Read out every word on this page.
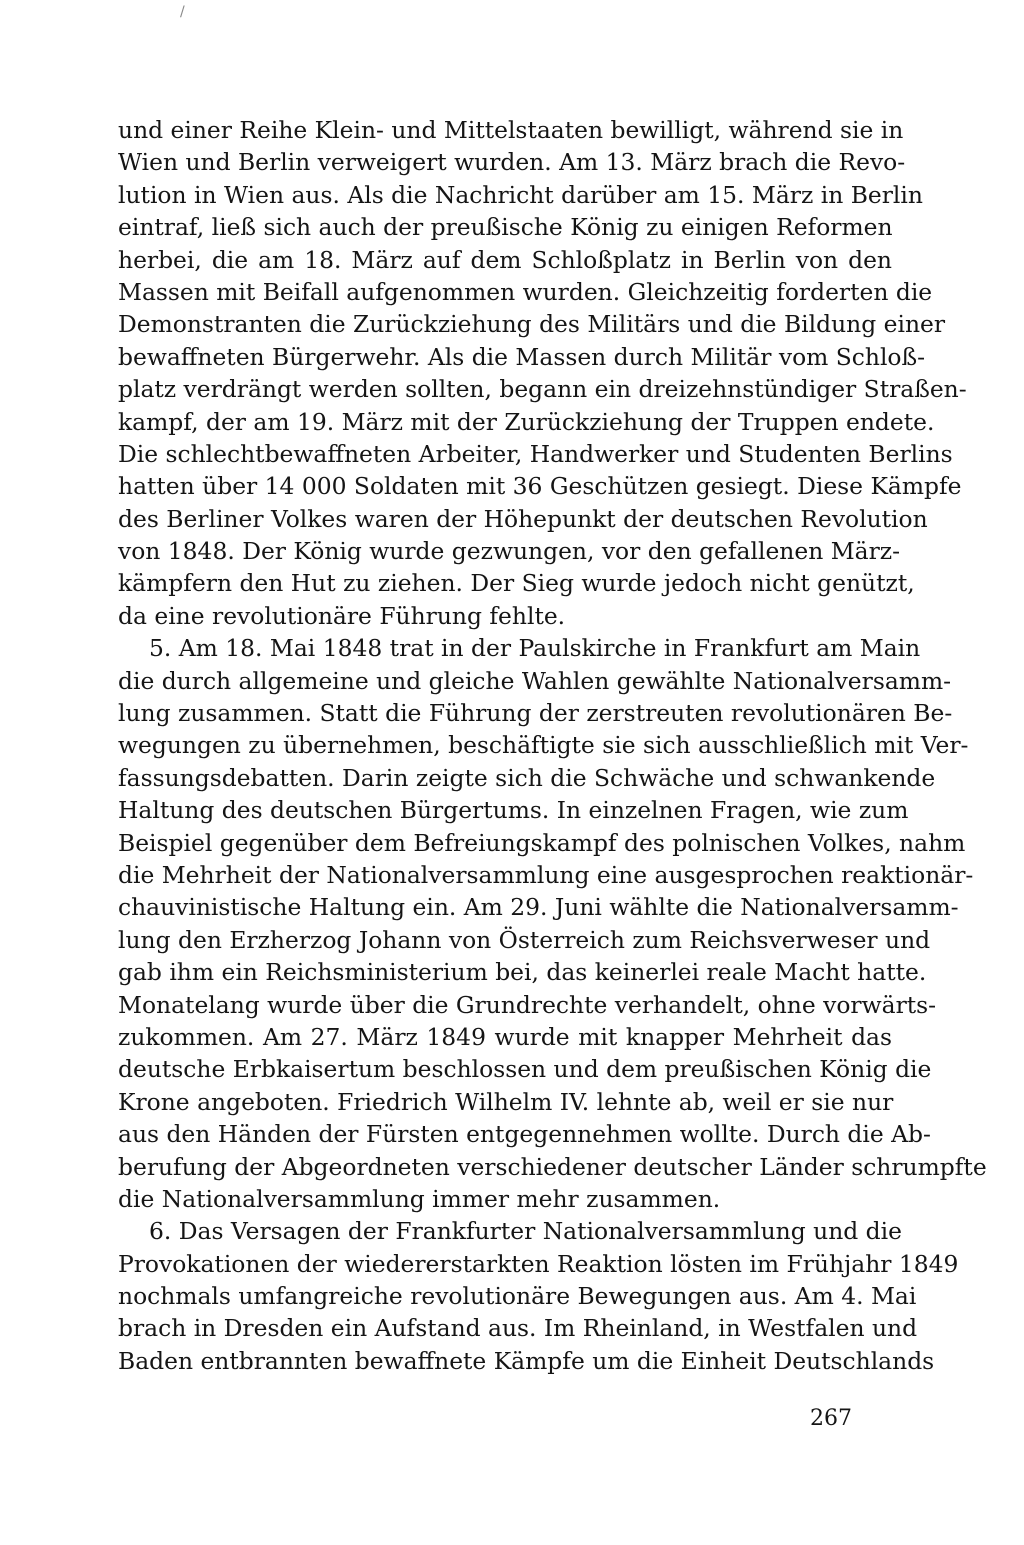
/
und einer Reihe Klein- und Mittelstaaten bewilligt, während sie in
Wien und Berlin verweigert wurden. Am 13. März brach die Revo-
lution in Wien aus. Als die Nachricht darüber am 15. März in Berlin
eintraf, ließ sich auch der preußische König zu einigen Reformen
herbei, die am 18. März auf dem Schloßplatz in Berlin von den
Massen mit Beifall aufgenommen wurden. Gleichzeitig forderten die
Demonstranten die Zurückziehung des Militärs und die Bildung einer
bewaffneten Bürgerwehr. Als die Massen durch Militär vom Schloß-
platz verdrängt werden sollten, begann ein dreizehnstündiger Straßen-
kampf, der am 19. März mit der Zurückziehung der Truppen endete.
Die schlechtbewaffneten Arbeiter, Handwerker und Studenten Berlins
hatten über 14 000 Soldaten mit 36 Geschützen gesiegt. Diese Kämpfe
des Berliner Volkes waren der Höhepunkt der deutschen Revolution
von 1848. Der König wurde gezwungen, vor den gefallenen März-
kämpfern den Hut zu ziehen. Der Sieg wurde jedoch nicht genützt,
da eine revolutionäre Führung fehlte.
5. Am 18. Mai 1848 trat in der Paulskirche in Frankfurt am Main
die durch allgemeine und gleiche Wahlen gewählte Nationalversamm-
lung zusammen. Statt die Führung der zerstreuten revolutionären Be-
wegungen zu übernehmen, beschäftigte sie sich ausschließlich mit Ver-
fassungsdebatten. Darin zeigte sich die Schwäche und schwankende
Haltung des deutschen Bürgertums. In einzelnen Fragen, wie zum
Beispiel gegenüber dem Befreiungskampf des polnischen Volkes, nahm
die Mehrheit der Nationalversammlung eine ausgesprochen reaktionär-
chauvinistische Haltung ein. Am 29. Juni wählte die Nationalversamm-
lung den Erzherzog Johann von Österreich zum Reichsverweser und
gab ihm ein Reichsministerium bei, das keinerlei reale Macht hatte.
Monatelang wurde über die Grundrechte verhandelt, ohne vorwärts-
zukommen. Am 27. März 1849 wurde mit knapper Mehrheit das
deutsche Erbkaisertum beschlossen und dem preußischen König die
Krone angeboten. Friedrich Wilhelm IV. lehnte ab, weil er sie nur
aus den Händen der Fürsten entgegennehmen wollte. Durch die Ab-
berufung der Abgeordneten verschiedener deutscher Länder schrumpfte
die Nationalversammlung immer mehr zusammen.
6. Das Versagen der Frankfurter Nationalversammlung und die
Provokationen der wiedererstarkten Reaktion lösten im Frühjahr 1849
nochmals umfangreiche revolutionäre Bewegungen aus. Am 4. Mai
brach in Dresden ein Aufstand aus. Im Rheinland, in Westfalen und
Baden entbrannten bewaffnete Kämpfe um die Einheit Deutschlands
267
